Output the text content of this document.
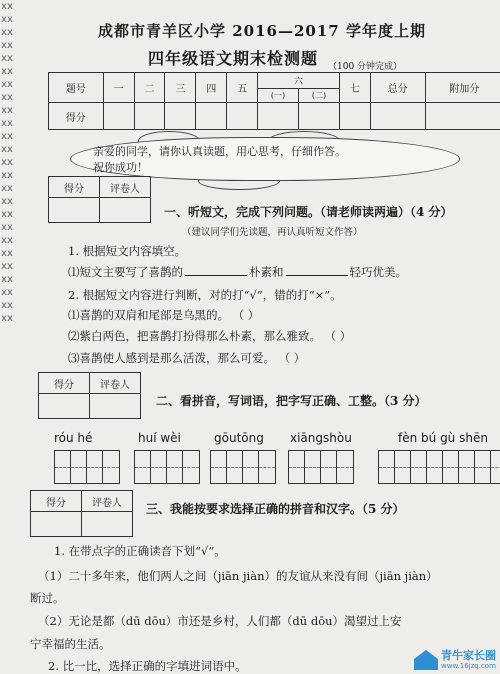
xxxxxxxxxxxxxxxxxxxxxxxxxxxxxxxxxxxxxxxxxxxxxxxxxx
成都市青羊区小学 2016—2017 学年度上期
四年级语文期末检测题 （100 分钟完成）
题号	一	二	三	四	五	六		七	总分	附加分
						(一)	(二)			
得分										
亲爱的同学，请你认真读题，用心思考，仔细作答。
祝你成功！
得分	评卷人

一、听短文，完成下列问题。（请老师读两遍）（4 分）
（建议同学们先读题，再认真听短文作答）
1. 根据短文内容填空。
⑴短文主要写了喜鹊的	朴素和	轻巧优美。
2. 根据短文内容进行判断，对的打“√”，错的打“×”。
⑴喜鹊的双肩和尾部是乌黑的。 （ ）
⑵紫白两色，把喜鹊打扮得那么朴素，那么雅致。 （ ）
⑶喜鹊使人感到是那么活泼，那么可爱。 （ ）
得分	评卷人

二、看拼音，写词语，把字写正确、工整。（3 分）
róu hé	huí wèi	gōutōng xiāngshòu	fèn bú gù shēn
得分	评卷人
	三、我能按要求选择正确的拼音和汉字。（5 分）
1. 在带点字的正确读音下划“√”。
（1）二十多年来，他们两人之间（jiān jiàn）的友谊从来没有间（jiān jiàn）
断过。
（2）无论是都（dū dōu）市还是乡村，人们都（dū dōu）渴望过上安
宁幸福的生活。
2. 比一比，选择正确的字填进词语中。
青牛家长圈
www.16jzq.com
